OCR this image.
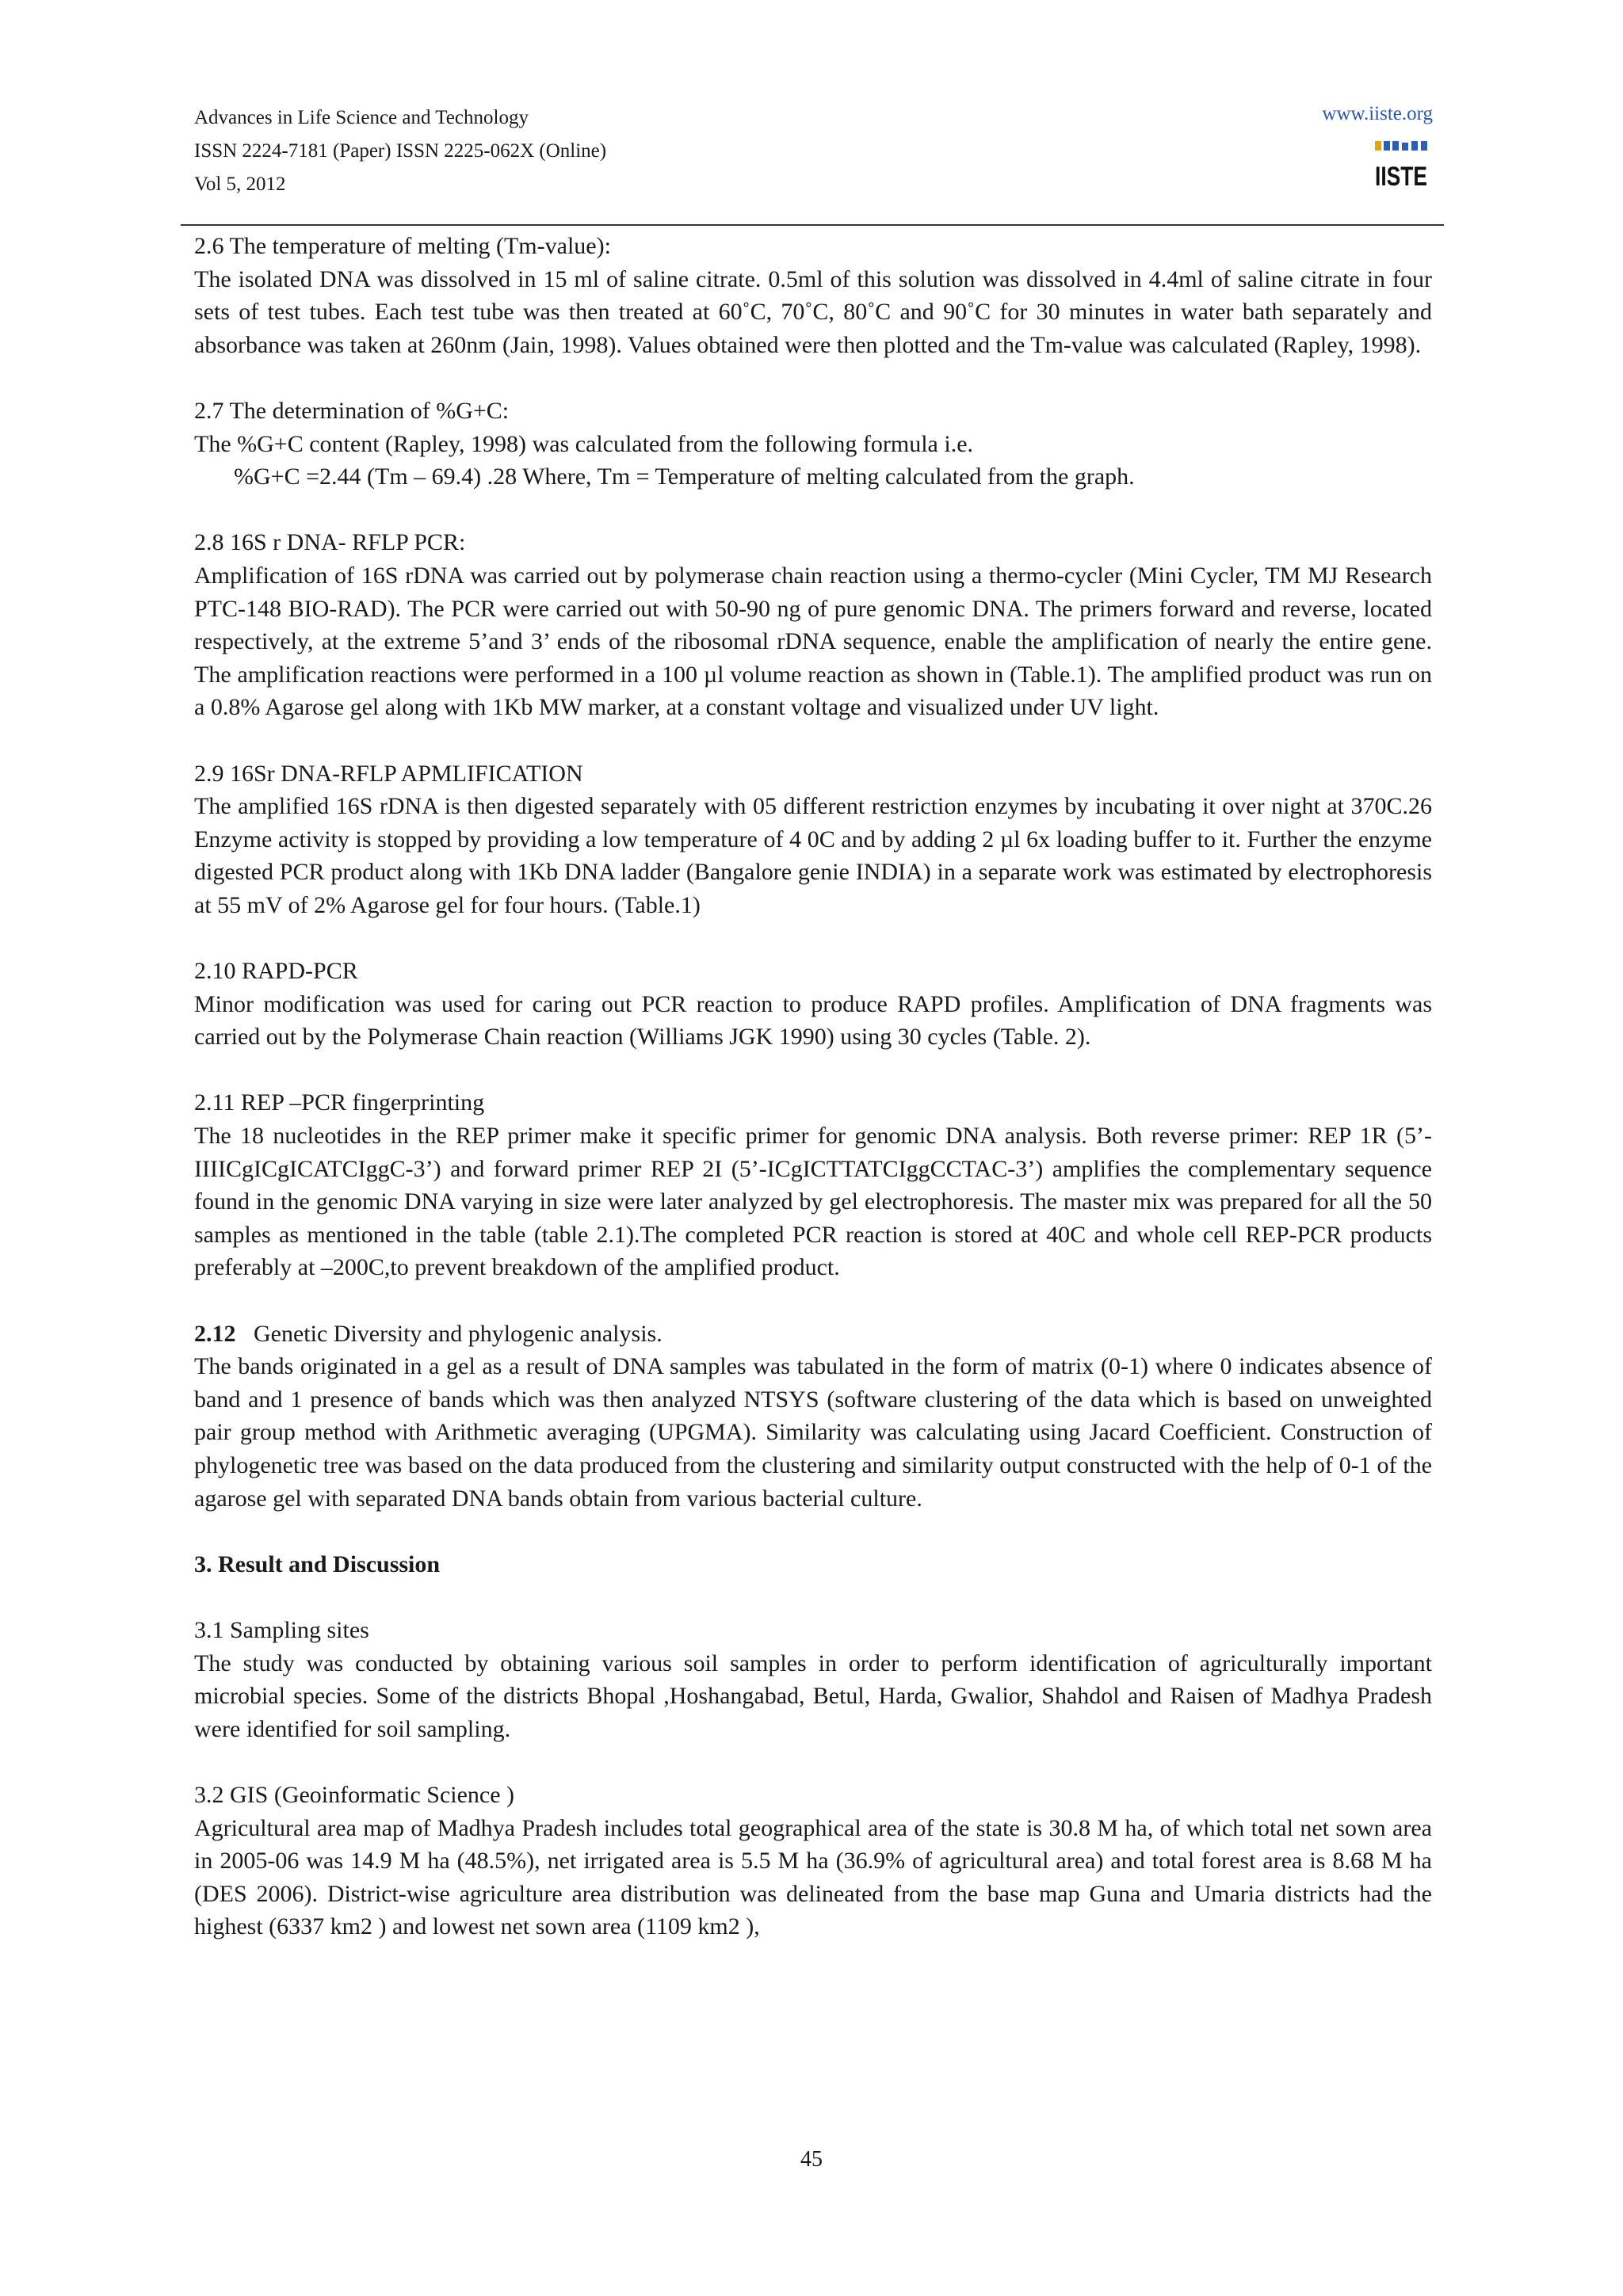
Advances in Life Science and Technology
ISSN 2224-7181 (Paper) ISSN 2225-062X (Online)
Vol 5, 2012
www.iiste.org
IISTE

2.6 The temperature of melting (Tm-value):

The isolated DNA was dissolved in 15 ml of saline citrate. 0.5ml of this solution was dissolved in 4.4ml of saline citrate in four sets of test tubes. Each test tube was then treated at 60˚C, 70˚C, 80˚C and 90˚C for 30 minutes in water bath separately and absorbance was taken at 260nm (Jain, 1998). Values obtained were then plotted and the Tm-value was calculated (Rapley, 1998).

2.7 The determination of %G+C:

The %G+C content (Rapley, 1998) was calculated from the following formula i.e.

%G+C =2.44 (Tm – 69.4) .28 Where, Tm = Temperature of melting calculated from the graph.

2.8 16S r DNA- RFLP PCR:

Amplification of 16S rDNA was carried out by polymerase chain reaction using a thermo-cycler (Mini Cycler, TM MJ Research PTC-148 BIO-RAD). The PCR were carried out with 50-90 ng of pure genomic DNA. The primers forward and reverse, located respectively, at the extreme 5’and 3’ ends of the ribosomal rDNA sequence, enable the amplification of nearly the entire gene. The amplification reactions were performed in a 100 µl volume reaction as shown in (Table.1). The amplified product was run on a 0.8% Agarose gel along with 1Kb MW marker, at a constant voltage and visualized under UV light.

2.9 16Sr DNA-RFLP APMLIFICATION

The amplified 16S rDNA is then digested separately with 05 different restriction enzymes by incubating it over night at 370C.26 Enzyme activity is stopped by providing a low temperature of 4 0C and by adding 2 µl 6x loading buffer to it. Further the enzyme digested PCR product along with 1Kb DNA ladder (Bangalore genie INDIA) in a separate work was estimated by electrophoresis at 55 mV of 2% Agarose gel for four hours. (Table.1)

2.10 RAPD-PCR

Minor modification was used for caring out PCR reaction to produce RAPD profiles. Amplification of DNA fragments was carried out by the Polymerase Chain reaction (Williams JGK 1990) using 30 cycles (Table. 2).

2.11 REP –PCR fingerprinting

The 18 nucleotides in the REP primer make it specific primer for genomic DNA analysis. Both reverse primer: REP 1R (5’-IIIICgICgICATCIggC-3’) and forward primer REP 2I (5’-ICgICTTATCIggCCTAC-3’) amplifies the complementary sequence found in the genomic DNA varying in size were later analyzed by gel electrophoresis. The master mix was prepared for all the 50 samples as mentioned in the table (table 2.1).The completed PCR reaction is stored at 40C and whole cell REP-PCR products preferably at –200C,to prevent breakdown of the amplified product.

2.12 Genetic Diversity and phylogenic analysis.

The bands originated in a gel as a result of DNA samples was tabulated in the form of matrix (0-1) where 0 indicates absence of band and 1 presence of bands which was then analyzed NTSYS (software clustering of the data which is based on unweighted pair group method with Arithmetic averaging (UPGMA). Similarity was calculating using Jacard Coefficient. Construction of phylogenetic tree was based on the data produced from the clustering and similarity output constructed with the help of 0-1 of the agarose gel with separated DNA bands obtain from various bacterial culture.

3. Result and Discussion

3.1 Sampling sites

The study was conducted by obtaining various soil samples in order to perform identification of agriculturally important microbial species. Some of the districts Bhopal ,Hoshangabad, Betul, Harda, Gwalior, Shahdol and Raisen of Madhya Pradesh were identified for soil sampling.

3.2 GIS (Geoinformatic Science )

Agricultural area map of Madhya Pradesh includes total geographical area of the state is 30.8 M ha, of which total net sown area in 2005-06 was 14.9 M ha (48.5%), net irrigated area is 5.5 M ha (36.9% of agricultural area) and total forest area is 8.68 M ha (DES 2006). District-wise agriculture area distribution was delineated from the base map Guna and Umaria districts had the highest (6337 km2 ) and lowest net sown area (1109 km2 ),

45
